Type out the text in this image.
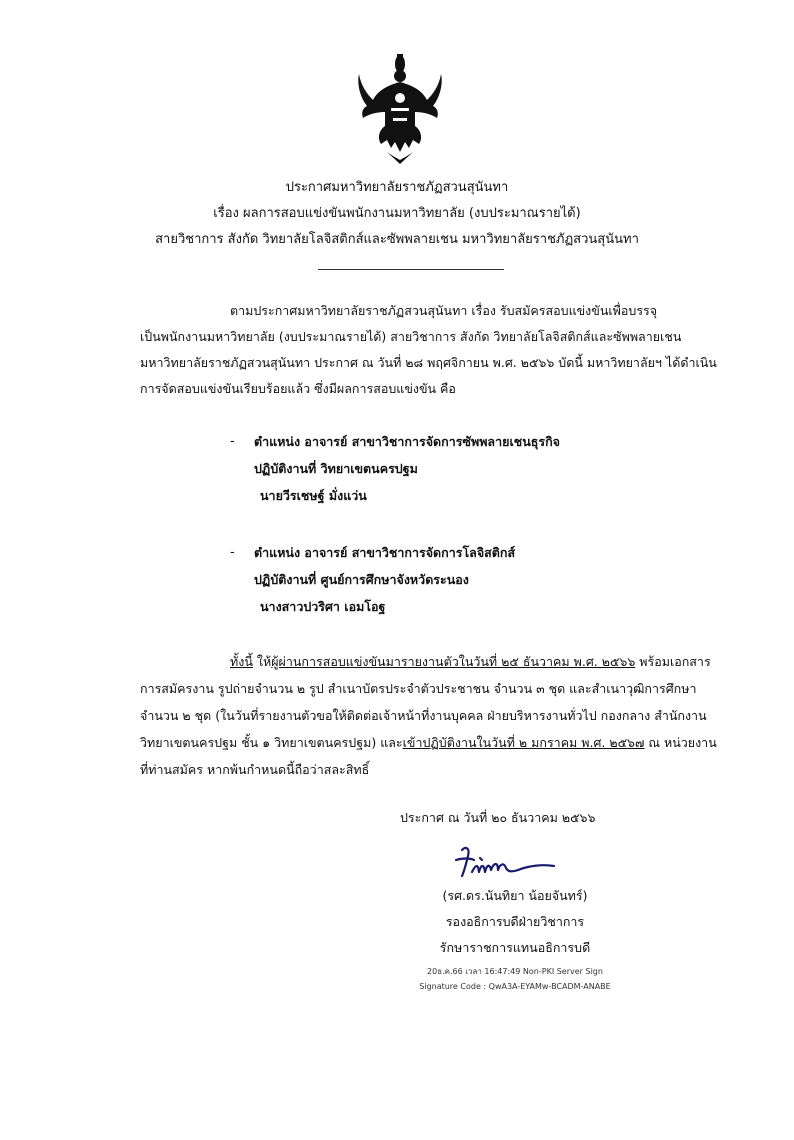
ประกาศมหาวิทยาลัยราชภัฏสวนสุนันทา
เรื่อง ผลการสอบแข่งขันพนักงานมหาวิทยาลัย (งบประมาณรายได้)
สายวิชาการ สังกัด วิทยาลัยโลจิสติกส์และซัพพลายเชน มหาวิทยาลัยราชภัฏสวนสุนันทา
ตามประกาศมหาวิทยาลัยราชภัฏสวนสุนันทา เรื่อง รับสมัครสอบแข่งขันเพื่อบรรจุ
เป็นพนักงานมหาวิทยาลัย (งบประมาณรายได้) สายวิชาการ สังกัด วิทยาลัยโลจิสติกส์และซัพพลายเชน
มหาวิทยาลัยราชภัฏสวนสุนันทา ประกาศ ณ วันที่ ๒๘ พฤศจิกายน พ.ศ. ๒๕๖๖ บัดนี้ มหาวิทยาลัยฯ ได้ดำเนิน
การจัดสอบแข่งขันเรียบร้อยแล้ว ซึ่งมีผลการสอบแข่งขัน คือ
- ตำแหน่ง อาจารย์ สาขาวิชาการจัดการซัพพลายเชนธุรกิจ
ปฏิบัติงานที่ วิทยาเขตนครปฐม
นายวีรเชษฐ์ มั่งแว่น
- ตำแหน่ง อาจารย์ สาขาวิชาการจัดการโลจิสติกส์
ปฏิบัติงานที่ ศูนย์การศึกษาจังหวัดระนอง
นางสาวปวริศา เอมโอฐ
ทั้งนี้ ให้ผู้ผ่านการสอบแข่งขันมารายงานตัวในวันที่ ๒๕ ธันวาคม พ.ศ. ๒๕๖๖ พร้อมเอกสาร
การสมัครงาน รูปถ่ายจำนวน ๒ รูป สำเนาบัตรประจำตัวประชาชน จำนวน ๓ ชุด และสำเนาวุฒิการศึกษา
จำนวน ๒ ชุด (ในวันที่รายงานตัวขอให้ติดต่อเจ้าหน้าที่งานบุคคล ฝ่ายบริหารงานทั่วไป กองกลาง สำนักงาน
วิทยาเขตนครปฐม ชั้น ๑ วิทยาเขตนครปฐม) และเข้าปฏิบัติงานในวันที่ ๒ มกราคม พ.ศ. ๒๕๖๗ ณ หน่วยงาน
ที่ท่านสมัคร หากพ้นกำหนดนี้ถือว่าสละสิทธิ์
ประกาศ ณ วันที่ ๒๐ ธันวาคม ๒๕๖๖
(รศ.ดร.นันทิยา น้อยจันทร์)
รองอธิการบดีฝ่ายวิชาการ
รักษาราชการแทนอธิการบดี
20ธ.ค.66 เวลา 16:47:49 Non-PKI Server Sign
Signature Code : QwA3A-EYAMw-BCADM-ANABE
